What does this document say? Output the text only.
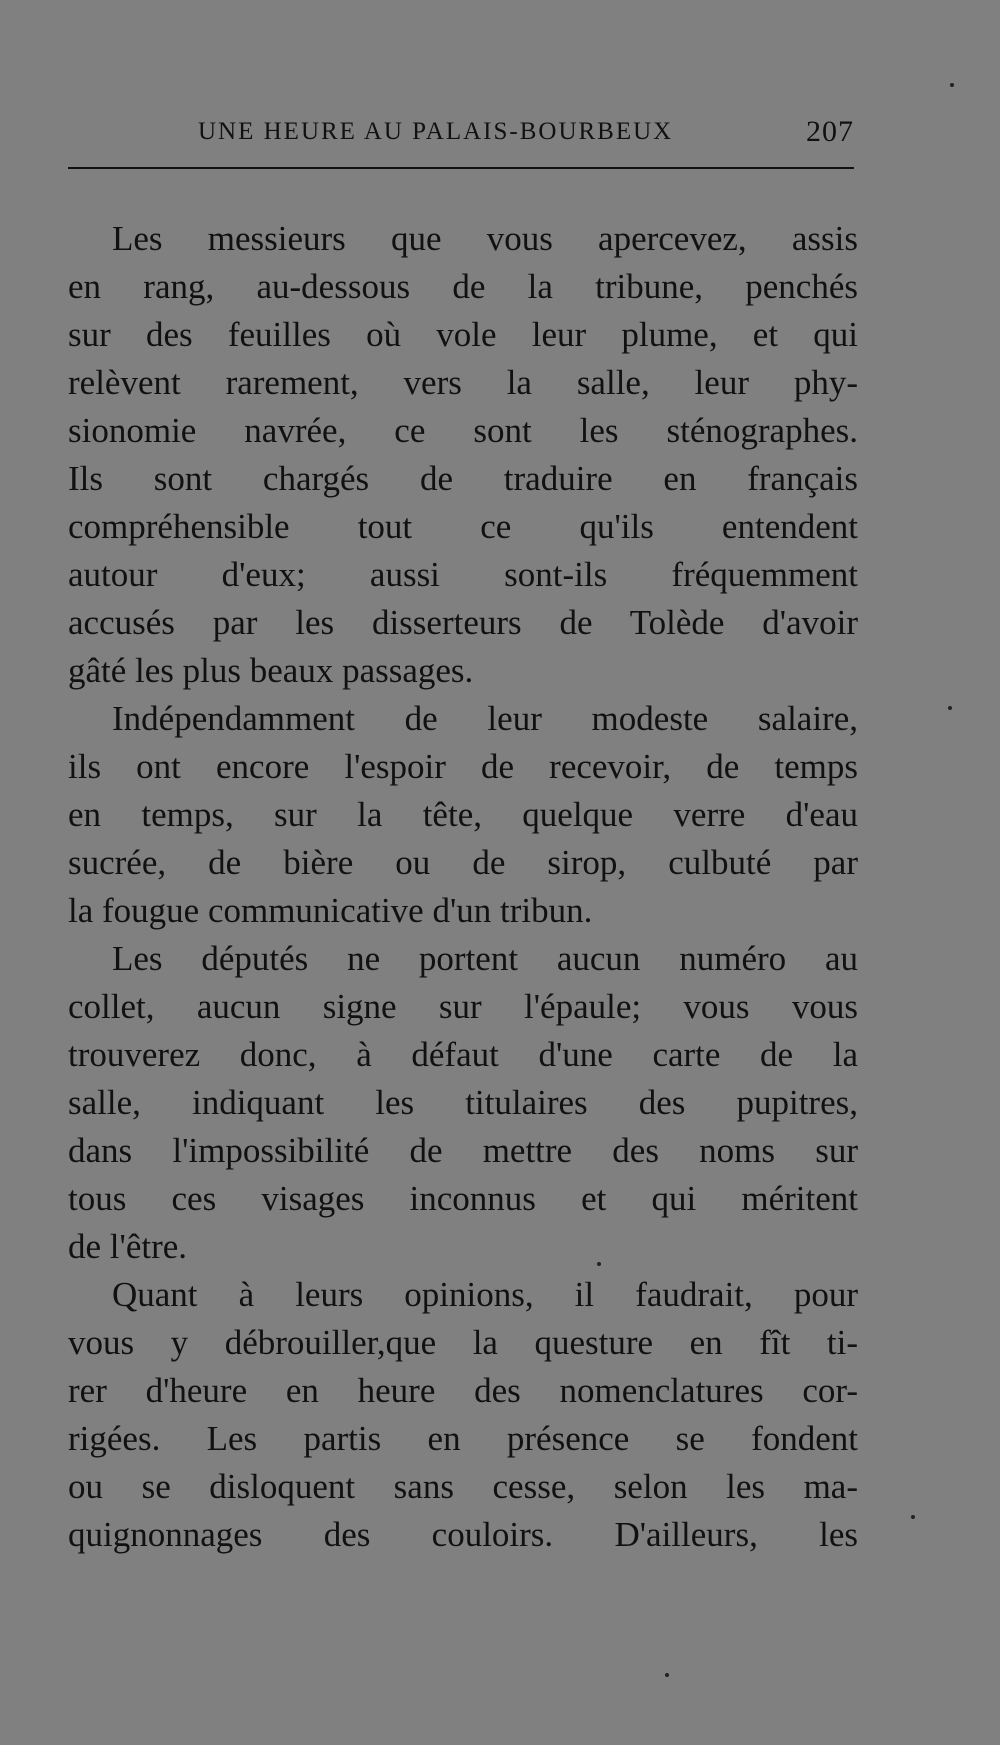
UNE HEURE AU PALAIS-BOURBEUX	207

Les messieurs que vous apercevez, assis
en rang, au-dessous de la tribune, penchés
sur des feuilles où vole leur plume, et qui
relèvent rarement, vers la salle, leur phy-
sionomie navrée, ce sont les sténographes.
Ils sont chargés de traduire en français
compréhensible tout ce qu'ils entendent
autour d'eux; aussi sont-ils fréquemment
accusés par les disserteurs de Tolède d'avoir
gâté les plus beaux passages.

Indépendamment de leur modeste salaire,
ils ont encore l'espoir de recevoir, de temps
en temps, sur la tête, quelque verre d'eau
sucrée, de bière ou de sirop, culbuté par
la fougue communicative d'un tribun.

Les députés ne portent aucun numéro au
collet, aucun signe sur l'épaule; vous vous
trouverez donc, à défaut d'une carte de la
salle, indiquant les titulaires des pupitres,
dans l'impossibilité de mettre des noms sur
tous ces visages inconnus et qui méritent
de l'être.

Quant à leurs opinions, il faudrait, pour
vous y débrouiller,que la questure en fît ti-
rer d'heure en heure des nomenclatures cor-
rigées. Les partis en présence se fondent
ou se disloquent sans cesse, selon les ma-
quignonnages des couloirs. D'ailleurs, les
